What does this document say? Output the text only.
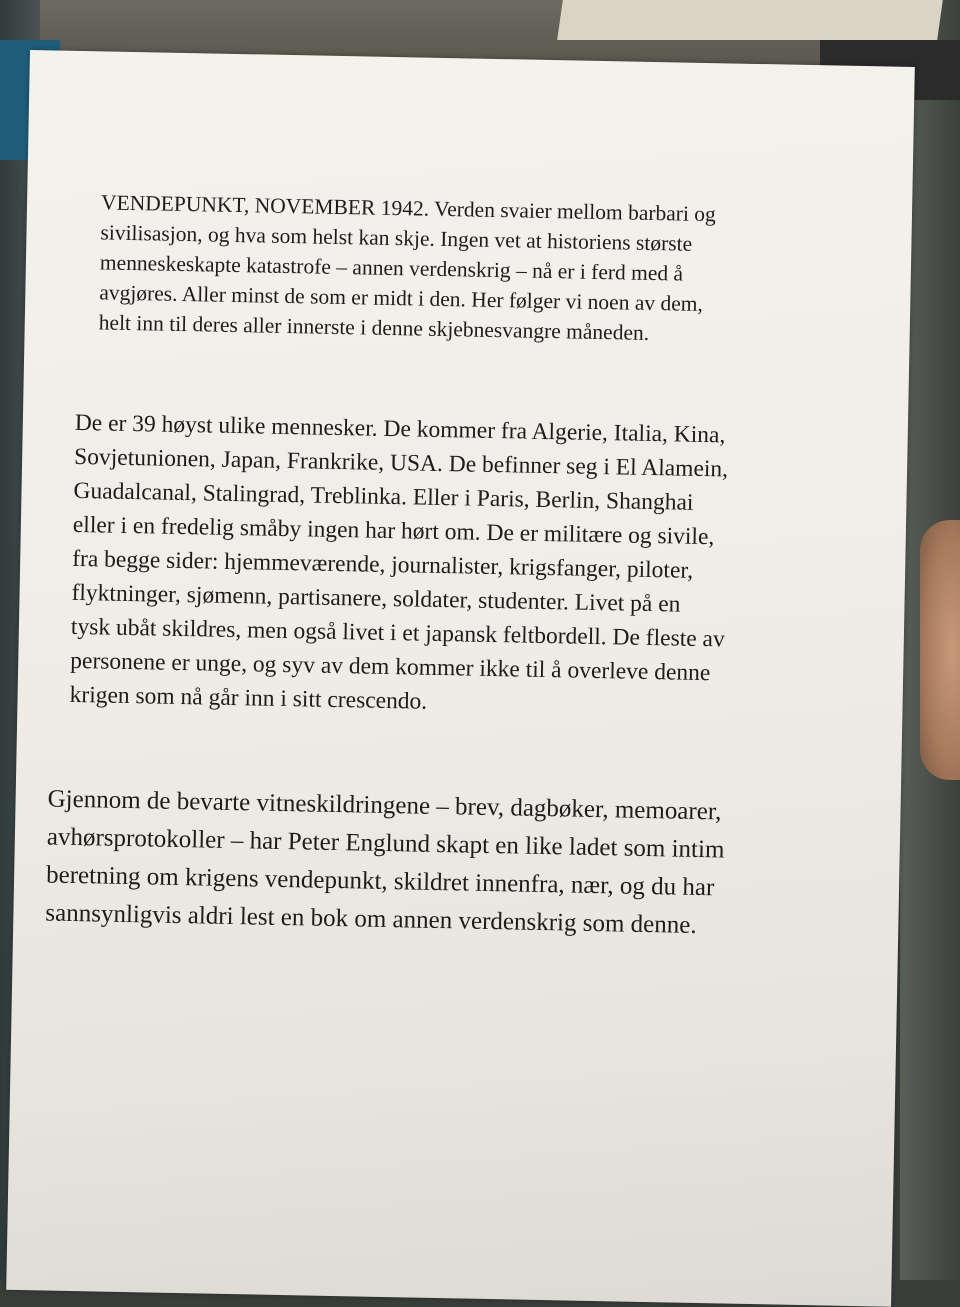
VENDEPUNKT, NOVEMBER 1942. Verden svaier mellom barbari og
sivilisasjon, og hva som helst kan skje. Ingen vet at historiens største
menneskeskapte katastrofe – annen verdenskrig – nå er i ferd med å
avgjøres. Aller minst de som er midt i den. Her følger vi noen av dem,
helt inn til deres aller innerste i denne skjebnesvangre måneden.
De er 39 høyst ulike mennesker. De kommer fra Algerie, Italia, Kina,
Sovjetunionen, Japan, Frankrike, USA. De befinner seg i El Alamein,
Guadalcanal, Stalingrad, Treblinka. Eller i Paris, Berlin, Shanghai
eller i en fredelig småby ingen har hørt om. De er militære og sivile,
fra begge sider: hjemmeværende, journalister, krigsfanger, piloter,
flyktninger, sjømenn, partisanere, soldater, studenter. Livet på en
tysk ubåt skildres, men også livet i et japansk feltbordell. De fleste av
personene er unge, og syv av dem kommer ikke til å overleve denne
krigen som nå går inn i sitt crescendo.
Gjennom de bevarte vitneskildringene – brev, dagbøker, memoarer,
avhørsprotokoller – har Peter Englund skapt en like ladet som intim
beretning om krigens vendepunkt, skildret innenfra, nær, og du har
sannsynligvis aldri lest en bok om annen verdenskrig som denne.
